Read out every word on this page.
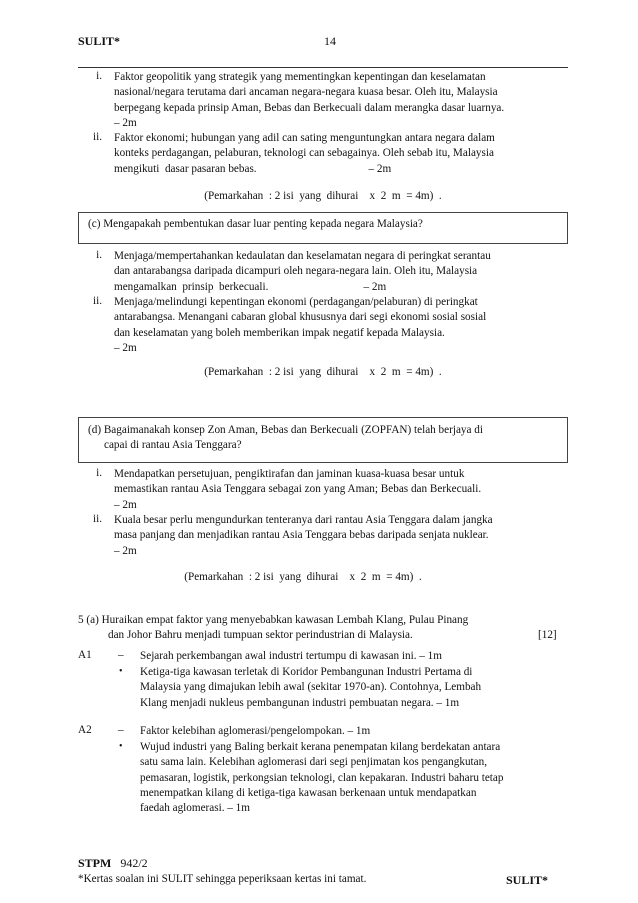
SULIT*	14
i. Faktor geopolitik yang strategik yang mementingkan kepentingan dan keselamatan
nasional/negara terutama dari ancaman negara-negara kuasa besar. Oleh itu, Malaysia
berpegang kepada prinsip Aman, Bebas dan Berkecuali dalam merangka dasar luarnya.
– 2m
ii. Faktor ekonomi; hubungan yang adil can sating menguntungkan antara negara dalam
konteks perdagangan, pelaburan, teknologi can sebagainya. Oleh sebab itu, Malaysia
mengikuti  dasar pasaran bebas.                                        – 2m
(Pemarkahan  : 2 isi  yang  dihurai    x  2  m  = 4m)  .
(c) Mengapakah pembentukan dasar luar penting kepada negara Malaysia?
i. Menjaga/mempertahankan kedaulatan dan keselamatan negara di peringkat serantau
dan antarabangsa daripada dicampuri oleh negara-negara lain. Oleh itu, Malaysia
mengamalkan  prinsip  berkecuali.                                  – 2m
ii. Menjaga/melindungi kepentingan ekonomi (perdagangan/pelaburan) di peringkat
antarabangsa. Menangani cabaran global khususnya dari segi ekonomi sosial sosial
dan keselamatan yang boleh memberikan impak negatif kepada Malaysia.
– 2m
(Pemarkahan  : 2 isi  yang  dihurai    x  2  m  = 4m)  .
(d) Bagaimanakah konsep Zon Aman, Bebas dan Berkecuali (ZOPFAN) telah berjaya di
capai di rantau Asia Tenggara?
i. Mendapatkan persetujuan, pengiktirafan dan jaminan kuasa-kuasa besar untuk
memastikan rantau Asia Tenggara sebagai zon yang Aman; Bebas dan Berkecuali.
– 2m
ii. Kuala besar perlu mengundurkan tenteranya dari rantau Asia Tenggara dalam jangka
masa panjang dan menjadikan rantau Asia Tenggara bebas daripada senjata nuklear.
– 2m
(Pemarkahan  : 2 isi  yang  dihurai    x  2  m  = 4m)  .
5 (a) Huraikan empat faktor yang menyebabkan kawasan Lembah Klang, Pulau Pinang
dan Johor Bahru menjadi tumpuan sektor perindustrian di Malaysia.	[12]
A1 – Sejarah perkembangan awal industri tertumpu di kawasan ini. – 1m
• Ketiga-tiga kawasan terletak di Koridor Pembangunan Industri Pertama di
Malaysia yang dimajukan lebih awal (sekitar 1970-an). Contohnya, Lembah
Klang menjadi nukleus pembangunan industri pembuatan negara. – 1m
A2 – Faktor kelebihan aglomerasi/pengelompokan. – 1m
• Wujud industri yang Baling berkait kerana penempatan kilang berdekatan antara
satu sama lain. Kelebihan aglomerasi dari segi penjimatan kos pengangkutan,
pemasaran, logistik, perkongsian teknologi, clan kepakaran. Industri baharu tetap
menempatkan kilang di ketiga-tiga kawasan berkenaan untuk mendapatkan
faedah aglomerasi. – 1m
STPM 942/2
*Kertas soalan ini SULIT sehingga peperiksaan kertas ini tamat.	SULIT*
